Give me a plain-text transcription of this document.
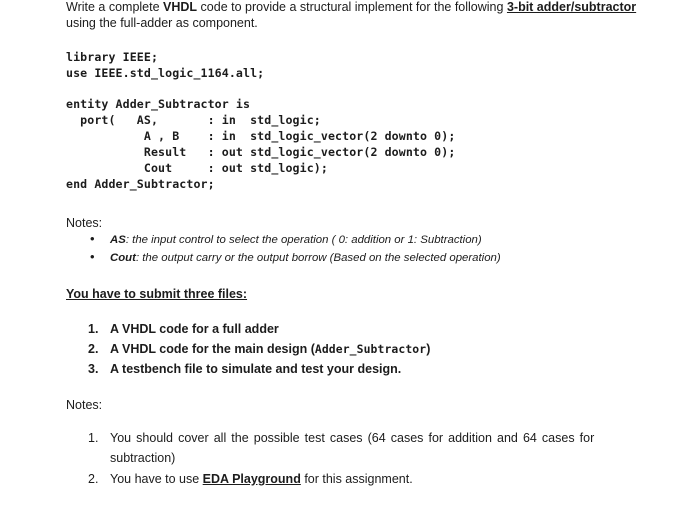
Write a complete VHDL code to provide a structural implement for the following 3-bit adder/subtractor
using the full-adder as component.
library IEEE;
use IEEE.std_logic_1164.all;
entity Adder_Subtractor is
port(   AS,       : in  std_logic;
A , B    : in  std_logic_vector(2 downto 0);
Result   : out std_logic_vector(2 downto 0);
Cout     : out std_logic);
end Adder_Subtractor;
Notes:
• AS: the input control to select the operation ( 0: addition or 1: Subtraction)
• Cout: the output carry or the output borrow (Based on the selected operation)
You have to submit three files:
1. A VHDL code for a full adder
2. A VHDL code for the main design (Adder_Subtractor)
3. A testbench file to simulate and test your design.
Notes:
1. You should cover all the possible test cases (64 cases for addition and 64 cases for
subtraction)
2. You have to use EDA Playground for this assignment.
